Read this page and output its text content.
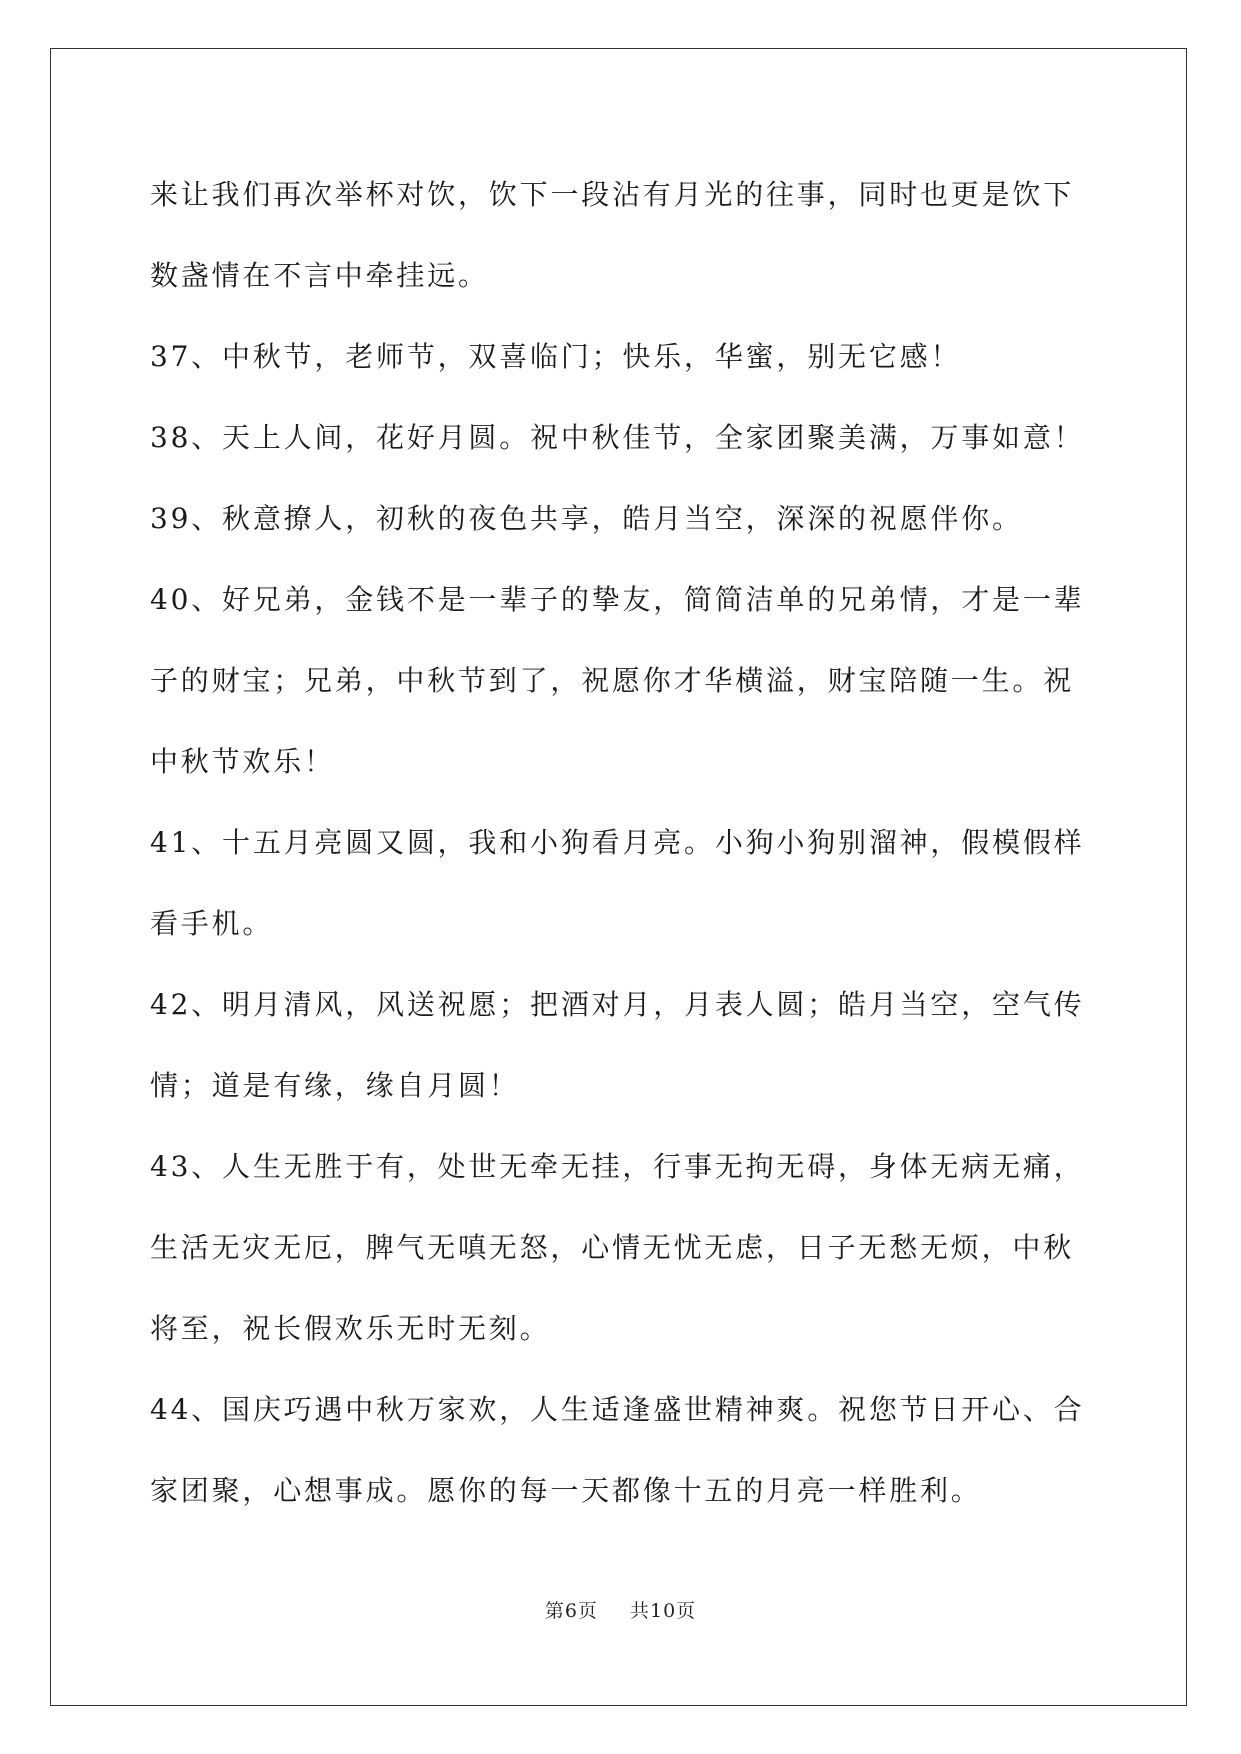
来让我们再次举杯对饮，饮下一段沾有月光的往事，同时也更是饮下
数盏情在不言中牵挂远。
37、中秋节，老师节，双喜临门；快乐，华蜜，别无它感！
38、天上人间，花好月圆。祝中秋佳节，全家团聚美满，万事如意！
39、秋意撩人，初秋的夜色共享，皓月当空，深深的祝愿伴你。
40、好兄弟，金钱不是一辈子的挚友，简简洁单的兄弟情，才是一辈
子的财宝；兄弟，中秋节到了，祝愿你才华横溢，财宝陪随一生。祝
中秋节欢乐！
41、十五月亮圆又圆，我和小狗看月亮。小狗小狗别溜神，假模假样
看手机。
42、明月清风，风送祝愿；把酒对月，月表人圆；皓月当空，空气传
情；道是有缘，缘自月圆！
43、人生无胜于有，处世无牵无挂，行事无拘无碍，身体无病无痛，
生活无灾无厄，脾气无嗔无怒，心情无忧无虑，日子无愁无烦，中秋
将至，祝长假欢乐无时无刻。
44、国庆巧遇中秋万家欢，人生适逢盛世精神爽。祝您节日开心、合
家团聚，心想事成。愿你的每一天都像十五的月亮一样胜利。
第6页 共10页
